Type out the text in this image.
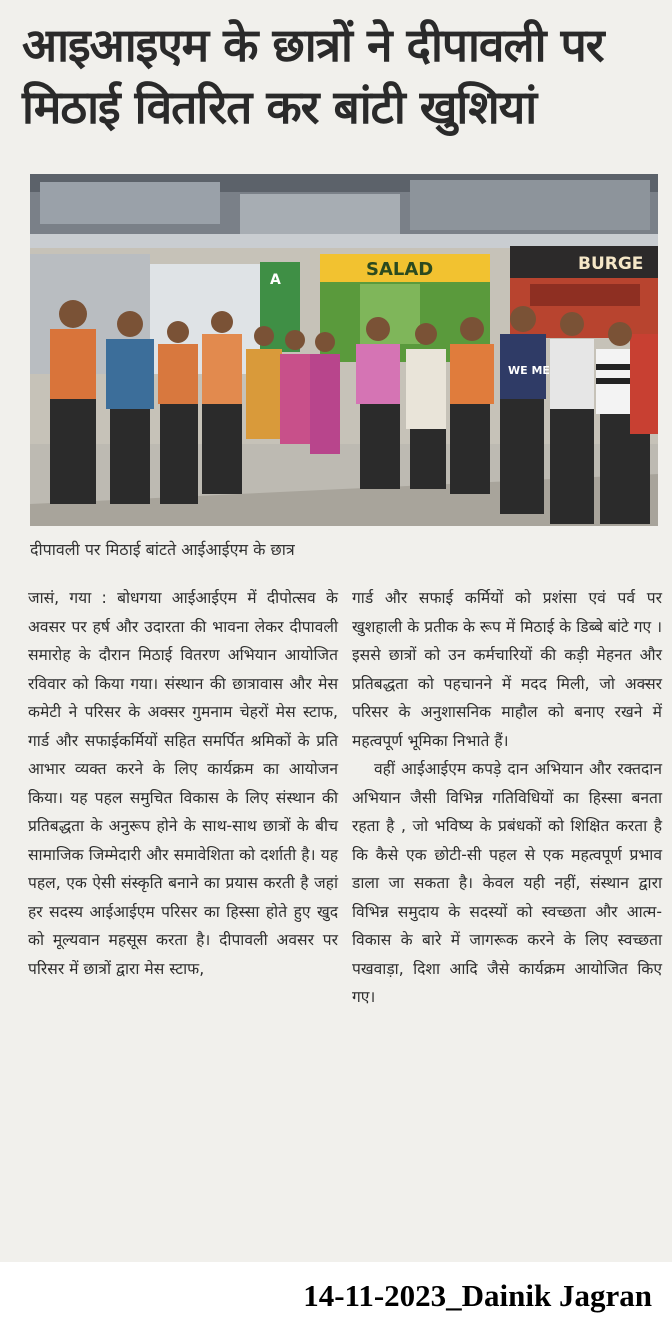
आइआइएम के छात्रों ने दीपावली पर मिठाई वितरित कर बांटी खुशियां
A	SALAD	BURGE
WE ME
दीपावली पर मिठाई बांटते आईआईएम के छात्र

जासं, गया : बोधगया आईआईएम में दीपोत्सव के अवसर पर हर्ष और उदारता की भावना लेकर दीपावली समारोह के दौरान मिठाई वितरण अभियान आयोजित रविवार को किया गया। संस्थान की छात्रावास और मेस कमेटी ने परिसर के अक्सर गुमनाम चेहरों मेस स्टाफ, गार्ड और सफाईकर्मियों सहित समर्पित श्रमिकों के प्रति आभार व्यक्त करने के लिए कार्यक्रम का आयोजन किया। यह पहल समुचित विकास के लिए संस्थान की प्रतिबद्धता के अनुरूप होने के साथ-साथ छात्रों के बीच सामाजिक जिम्मेदारी और समावेशिता को दर्शाती है। यह पहल, एक ऐसी संस्कृति बनाने का प्रयास करती है जहां हर सदस्य आईआईएम परिसर का हिस्सा होते हुए खुद को मूल्यवान महसूस करता है। दीपावली अवसर पर परिसर में छात्रों द्वारा मेस स्टाफ,

गार्ड और सफाई कर्मियों को प्रशंसा एवं पर्व पर खुशहाली के प्रतीक के रूप में मिठाई के डिब्बे बांटे गए । इससे छात्रों को उन कर्मचारियों की कड़ी मेहनत और प्रतिबद्धता को पहचानने में मदद मिली, जो अक्सर परिसर के अनुशासनिक माहौल को बनाए रखने में महत्वपूर्ण भूमिका निभाते हैं।

वहीं आईआईएम कपड़े दान अभियान और रक्तदान अभियान जैसी विभिन्न गतिविधियों का हिस्सा बनता रहता है , जो भविष्य के प्रबंधकों को शिक्षित करता है कि कैसे एक छोटी-सी पहल से एक महत्वपूर्ण प्रभाव डाला जा सकता है। केवल यही नहीं, संस्थान द्वारा विभिन्न समुदाय के सदस्यों को स्वच्छता और आत्म-विकास के बारे में जागरूक करने के लिए स्वच्छता पखवाड़ा, दिशा आदि जैसे कार्यक्रम आयोजित किए गए।

14-11-2023_Dainik Jagran
